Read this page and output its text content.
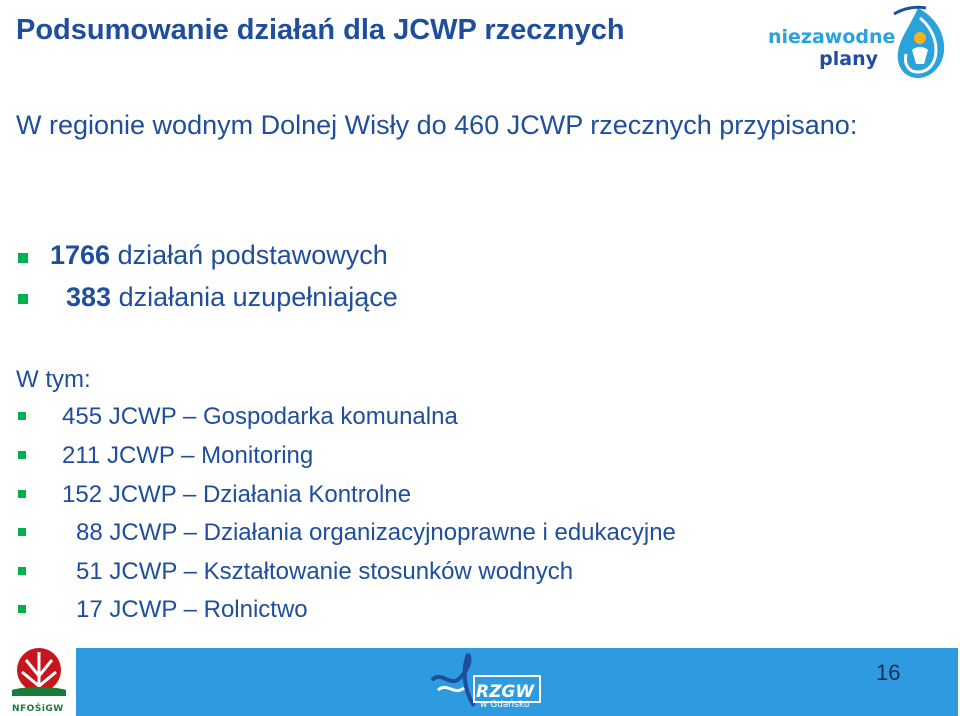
Podsumowanie działań dla JCWP rzecznych	niezawodne
plany

W regionie wodnym Dolnej Wisły do 460 JCWP rzecznych przypisano:

1766 działań podstawowych
383 działania uzupełniające
W tym:
455 JCWP – Gospodarka komunalna
211 JCWP – Monitoring
152 JCWP – Działania Kontrolne
88 JCWP – Działania organizacyjnoprawne i edukacyjne
51 JCWP – Kształtowanie stosunków wodnych
17 JCWP – Rolnictwo
NFOŚiGW
RZGW
w Gdańsku
16
